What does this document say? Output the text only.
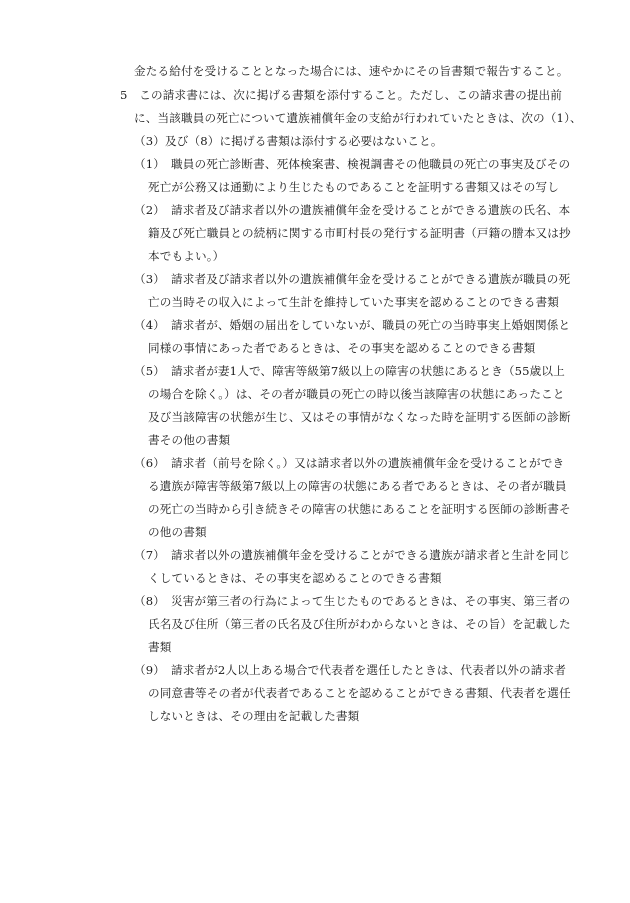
金たる給付を受けることとなった場合には、速やかにその旨書類で報告すること。
5　この請求書には、次に掲げる書類を添付すること。ただし、この請求書の提出前
に、当該職員の死亡について遺族補償年金の支給が行われていたときは、次の（1）、
（3）及び（8）に掲げる書類は添付する必要はないこと。
（1）　職員の死亡診断書、死体検案書、検視調書その他職員の死亡の事実及びその
死亡が公務又は通勤により生じたものであることを証明する書類又はその写し
（2）　請求者及び請求者以外の遺族補償年金を受けることができる遺族の氏名、本
籍及び死亡職員との続柄に関する市町村長の発行する証明書（戸籍の謄本又は抄
本でもよい。）
（3）　請求者及び請求者以外の遺族補償年金を受けることができる遺族が職員の死
亡の当時その収入によって生計を維持していた事実を認めることのできる書類
（4）　請求者が、婚姻の届出をしていないが、職員の死亡の当時事実上婚姻関係と
同様の事情にあった者であるときは、その事実を認めることのできる書類
（5）　請求者が妻1人で、障害等級第7級以上の障害の状態にあるとき（55歳以上
の場合を除く。）は、その者が職員の死亡の時以後当該障害の状態にあったこと
及び当該障害の状態が生じ、又はその事情がなくなった時を証明する医師の診断
書その他の書類
（6）　請求者（前号を除く。）又は請求者以外の遺族補償年金を受けることができ
る遺族が障害等級第7級以上の障害の状態にある者であるときは、その者が職員
の死亡の当時から引き続きその障害の状態にあることを証明する医師の診断書そ
の他の書類
（7）　請求者以外の遺族補償年金を受けることができる遺族が請求者と生計を同じ
くしているときは、その事実を認めることのできる書類
（8）　災害が第三者の行為によって生じたものであるときは、その事実、第三者の
氏名及び住所（第三者の氏名及び住所がわからないときは、その旨）を記載した
書類
（9）　請求者が2人以上ある場合で代表者を選任したときは、代表者以外の請求者
の同意書等その者が代表者であることを認めることができる書類、代表者を選任
しないときは、その理由を記載した書類
